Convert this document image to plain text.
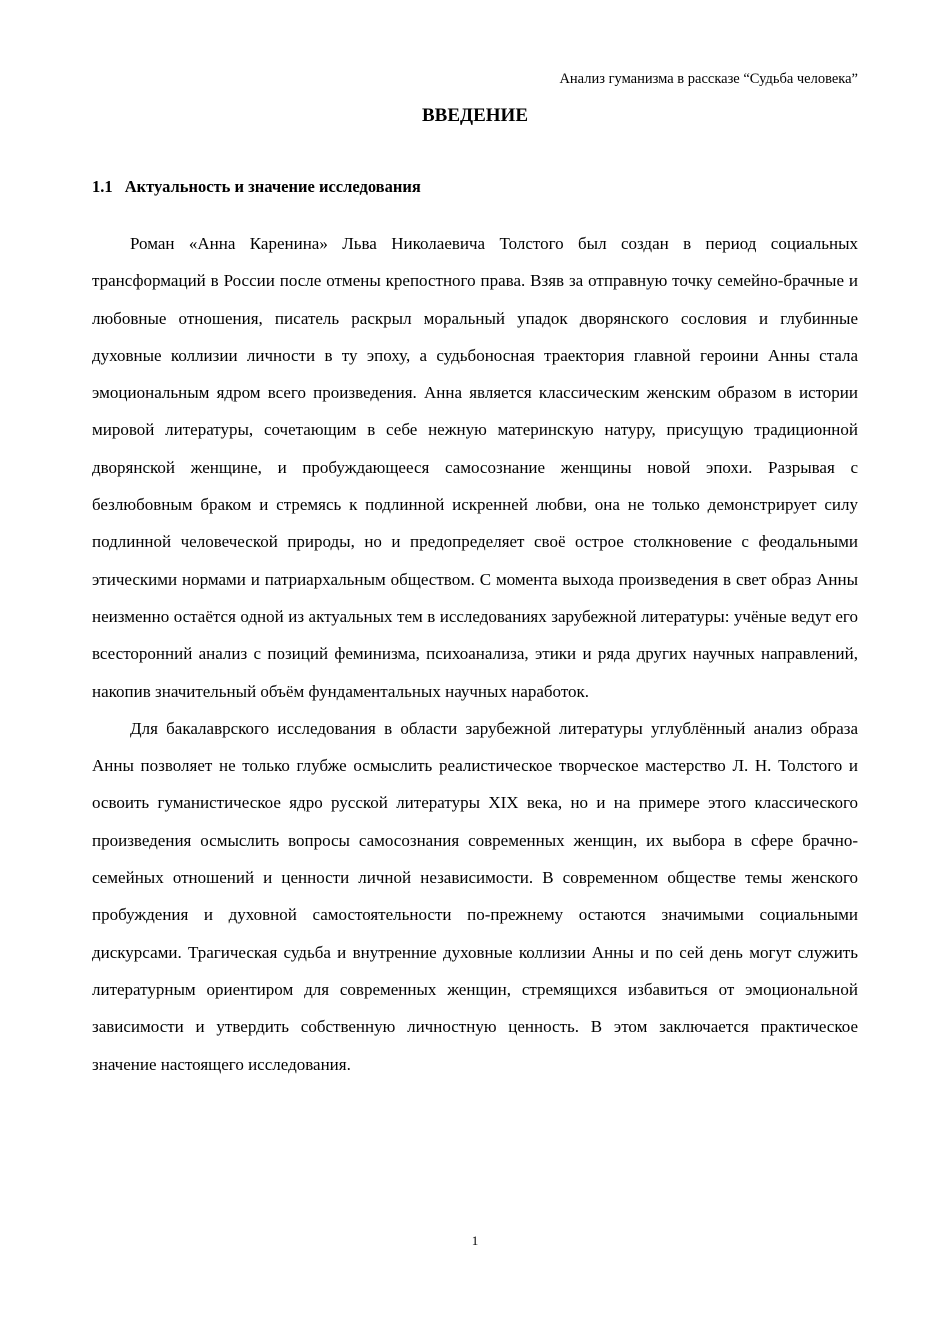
Анализ гуманизма в рассказе “Судьба человека”
ВВЕДЕНИЕ
1.1 Актуальность и значение исследования

Роман «Анна Каренина» Льва Николаевича Толстого был создан в период социальных трансформаций в России после отмены крепостного права. Взяв за отправную точку семейно-брачные и любовные отношения, писатель раскрыл моральный упадок дворянского сословия и глубинные духовные коллизии личности в ту эпоху, а судьбоносная траектория главной героини Анны стала эмоциональным ядром всего произведения. Анна является классическим женским образом в истории мировой литературы, сочетающим в себе нежную материнскую натуру, присущую традиционной дворянской женщине, и пробуждающееся самосознание женщины новой эпохи. Разрывая с безлюбовным браком и стремясь к подлинной искренней любви, она не только демонстрирует силу подлинной человеческой природы, но и предопределяет своё острое столкновение с феодальными этическими нормами и патриархальным обществом. С момента выхода произведения в свет образ Анны неизменно остаётся одной из актуальных тем в исследованиях зарубежной литературы: учёные ведут его всесторонний анализ с позиций феминизма, психоанализа, этики и ряда других научных направлений, накопив значительный объём фундаментальных научных наработок.

Для бакалаврского исследования в области зарубежной литературы углублённый анализ образа Анны позволяет не только глубже осмыслить реалистическое творческое мастерство Л. Н. Толстого и освоить гуманистическое ядро русской литературы XIX века, но и на примере этого классического произведения осмыслить вопросы самосознания современных женщин, их выбора в сфере брачно-семейных отношений и ценности личной независимости. В современном обществе темы женского пробуждения и духовной самостоятельности по-прежнему остаются значимыми социальными дискурсами. Трагическая судьба и внутренние духовные коллизии Анны и по сей день могут служить литературным ориентиром для современных женщин, стремящихся избавиться от эмоциональной зависимости и утвердить собственную личностную ценность. В этом заключается практическое значение настоящего исследования.

1
